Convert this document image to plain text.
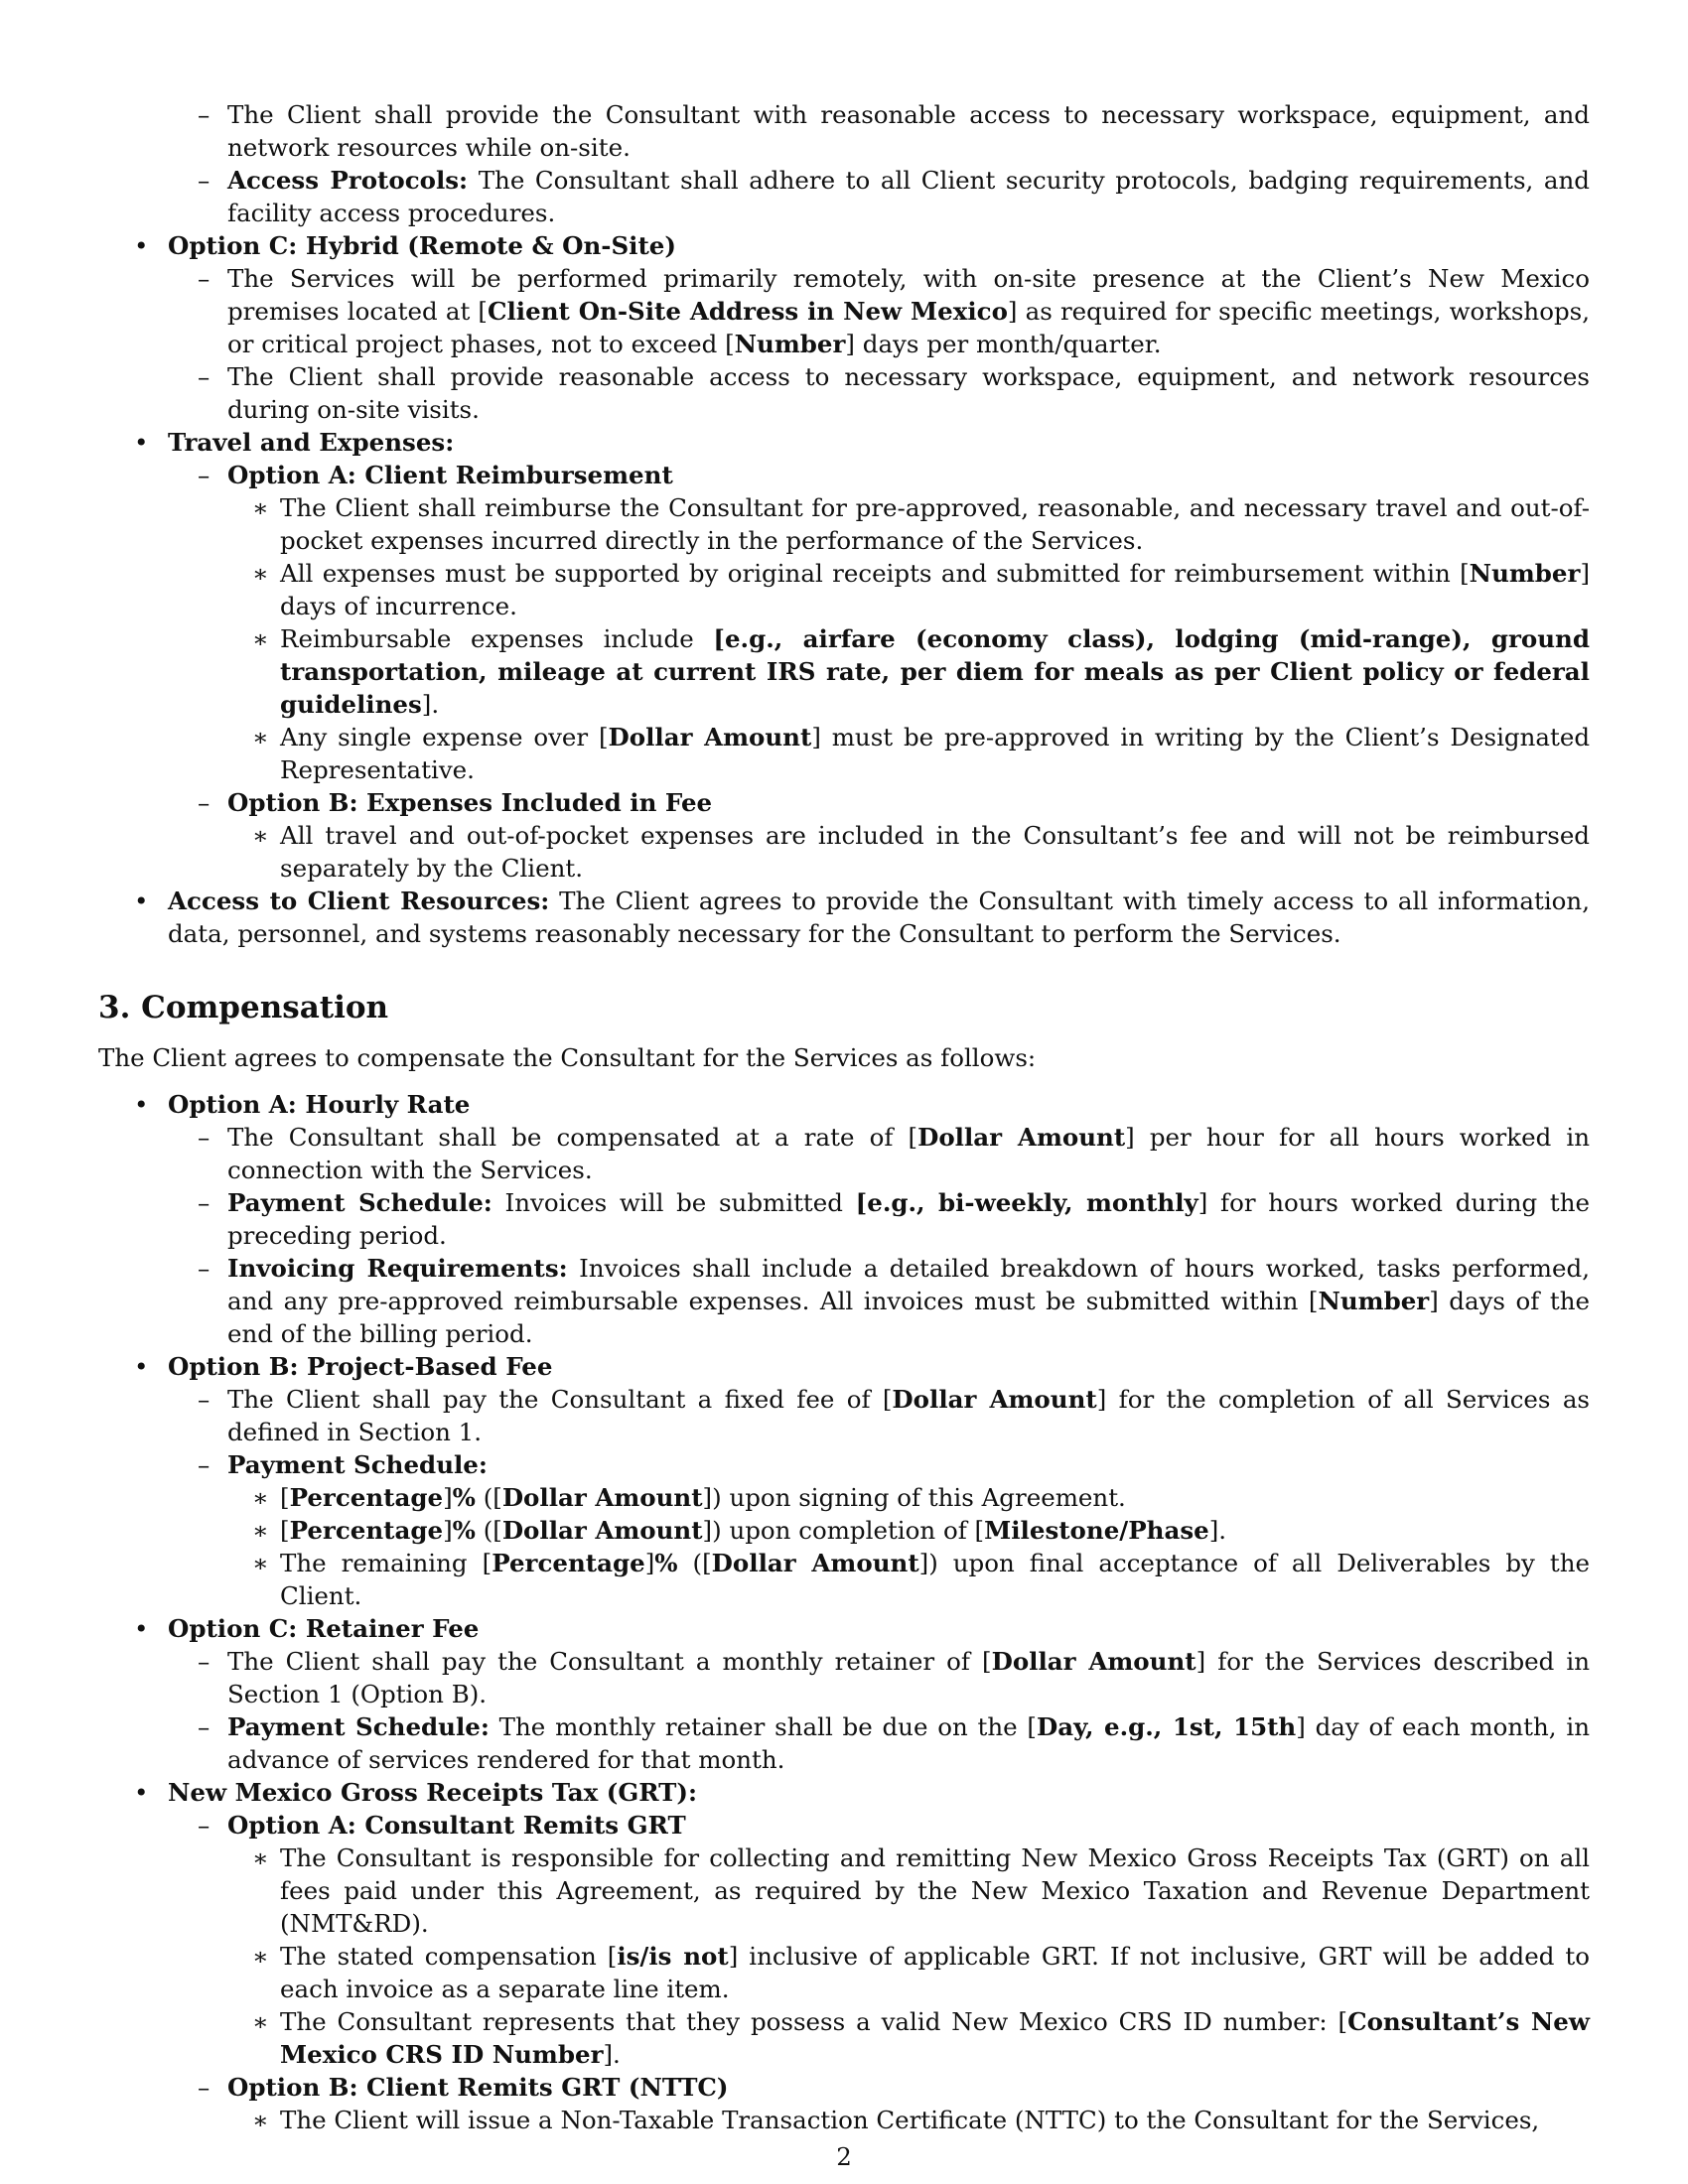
– The Client shall provide the Consultant with reasonable access to necessary workspace, equipment, and network resources while on-site.
– Access Protocols: The Consultant shall adhere to all Client security protocols, badging requirements, and facility access procedures.
• Option C: Hybrid (Remote & On-Site)
– The Services will be performed primarily remotely, with on-site presence at the Client’s New Mexico premises located at [Client On-Site Address in New Mexico] as required for specific meetings, workshops, or critical project phases, not to exceed [Number] days per month/quarter.
– The Client shall provide reasonable access to necessary workspace, equipment, and network resources during on-site visits.
• Travel and Expenses:
– Option A: Client Reimbursement
∗ The Client shall reimburse the Consultant for pre-approved, reasonable, and necessary travel and out-of-pocket expenses incurred directly in the performance of the Services.
∗ All expenses must be supported by original receipts and submitted for reimbursement within [Number] days of incurrence.
∗ Reimbursable expenses include [e.g., airfare (economy class), lodging (mid-range), ground transportation, mileage at current IRS rate, per diem for meals as per Client policy or federal guidelines].
∗ Any single expense over [Dollar Amount] must be pre-approved in writing by the Client’s Designated Representative.
– Option B: Expenses Included in Fee
∗ All travel and out-of-pocket expenses are included in the Consultant’s fee and will not be reimbursed separately by the Client.
• Access to Client Resources: The Client agrees to provide the Consultant with timely access to all information, data, personnel, and systems reasonably necessary for the Consultant to perform the Services.
3. Compensation

The Client agrees to compensate the Consultant for the Services as follows:

• Option A: Hourly Rate
– The Consultant shall be compensated at a rate of [Dollar Amount] per hour for all hours worked in connection with the Services.
– Payment Schedule: Invoices will be submitted [e.g., bi-weekly, monthly] for hours worked during the preceding period.
– Invoicing Requirements: Invoices shall include a detailed breakdown of hours worked, tasks performed, and any pre-approved reimbursable expenses. All invoices must be submitted within [Number] days of the end of the billing period.
• Option B: Project-Based Fee
– The Client shall pay the Consultant a fixed fee of [Dollar Amount] for the completion of all Services as defined in Section 1.
– Payment Schedule:
∗ [Percentage]% ([Dollar Amount]) upon signing of this Agreement.
∗ [Percentage]% ([Dollar Amount]) upon completion of [Milestone/Phase].
∗ The remaining [Percentage]% ([Dollar Amount]) upon final acceptance of all Deliverables by the Client.
• Option C: Retainer Fee
– The Client shall pay the Consultant a monthly retainer of [Dollar Amount] for the Services described in Section 1 (Option B).
– Payment Schedule: The monthly retainer shall be due on the [Day, e.g., 1st, 15th] day of each month, in advance of services rendered for that month.
• New Mexico Gross Receipts Tax (GRT):
– Option A: Consultant Remits GRT
∗ The Consultant is responsible for collecting and remitting New Mexico Gross Receipts Tax (GRT) on all fees paid under this Agreement, as required by the New Mexico Taxation and Revenue Department (NMT&RD).
∗ The stated compensation [is/is not] inclusive of applicable GRT. If not inclusive, GRT will be added to each invoice as a separate line item.
∗ The Consultant represents that they possess a valid New Mexico CRS ID number: [Consultant’s New Mexico CRS ID Number].
– Option B: Client Remits GRT (NTTC)
∗ The Client will issue a Non-Taxable Transaction Certificate (NTTC) to the Consultant for the Services,
2
